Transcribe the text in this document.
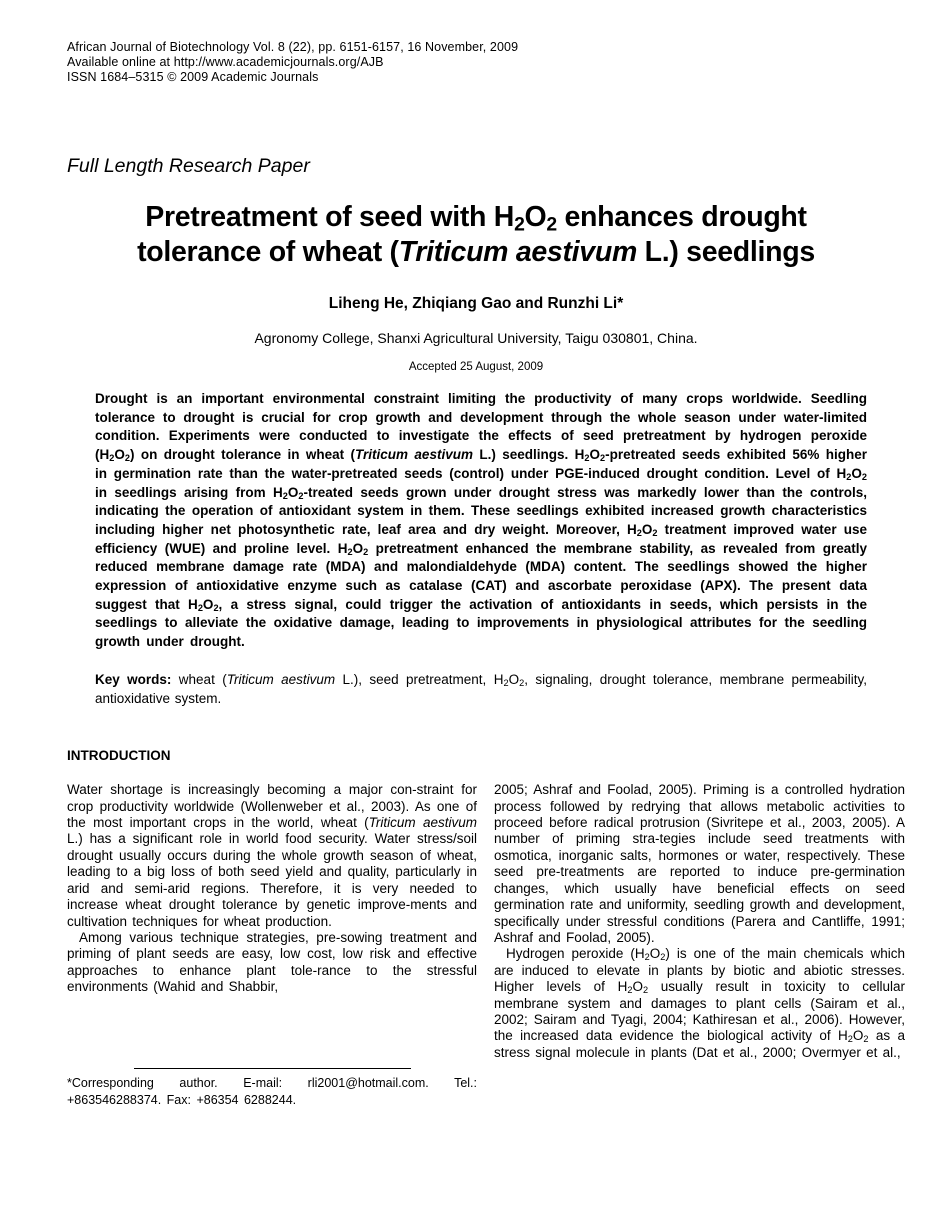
African Journal of Biotechnology Vol. 8 (22), pp. 6151-6157, 16 November, 2009
Available online at http://www.academicjournals.org/AJB
ISSN 1684–5315 © 2009 Academic Journals
Full Length Research Paper
Pretreatment of seed with $H_2O_2$ enhances drought
tolerance of wheat (Triticum aestivum L.) seedlings
Liheng He, Zhiqiang Gao and Runzhi Li*
Agronomy College, Shanxi Agricultural University, Taigu 030801, China.
Accepted 25 August, 2009
Drought is an important environmental constraint limiting the productivity of many crops worldwide. Seedling tolerance to drought is crucial for crop growth and development through the whole season under water-limited condition. Experiments were conducted to investigate the effects of seed pretreatment by hydrogen peroxide $(H_2O_2)$ on drought tolerance in wheat (Triticum aestivum L.) seedlings. $H_2O_2$-pretreated seeds exhibited 56% higher in germination rate than the water-pretreated seeds (control) under PGE-induced drought condition. Level of $H_2O_2$ in seedlings arising from $H_2O_2$-treated seeds grown under drought stress was markedly lower than the controls, indicating the operation of antioxidant system in them. These seedlings exhibited increased growth characteristics including higher net photosynthetic rate, leaf area and dry weight. Moreover, $H_2O_2$ treatment improved water use efficiency (WUE) and proline level. $H_2O_2$ pretreatment enhanced the membrane stability, as revealed from greatly reduced membrane damage rate (MDA) and malondialdehyde (MDA) content. The seedlings showed the higher expression of antioxidative enzyme such as catalase (CAT) and ascorbate peroxidase (APX). The present data suggest that $H_2O_2$, a stress signal, could trigger the activation of antioxidants in seeds, which persists in the seedlings to alleviate the oxidative damage, leading to improvements in physiological attributes for the seedling growth under drought.
Key words: wheat (Triticum aestivum L.), seed pretreatment, $H_2O_2$, signaling, drought tolerance, membrane permeability, antioxidative system.
INTRODUCTION

Water shortage is increasingly becoming a major con-straint for crop productivity worldwide (Wollenweber et al., 2003). As one of the most important crops in the world, wheat (Triticum aestivum L.) has a significant role in world food security. Water stress/soil drought usually occurs during the whole growth season of wheat, leading to a big loss of both seed yield and quality, particularly in arid and semi-arid regions. Therefore, it is very needed to increase wheat drought tolerance by genetic improve-ments and cultivation techniques for wheat production.

Among various technique strategies, pre-sowing treatment and priming of plant seeds are easy, low cost, low risk and effective approaches to enhance plant tole-rance to the stressful environments (Wahid and Shabbir,

*Corresponding author. E-mail: rli2001@hotmail.com. Tel.: +863546288374. Fax: +86354 6288244.

2005; Ashraf and Foolad, 2005). Priming is a controlled hydration process followed by redrying that allows metabolic activities to proceed before radical protrusion (Sivritepe et al., 2003, 2005). A number of priming stra-tegies include seed treatments with osmotica, inorganic salts, hormones or water, respectively. These seed pre-treatments are reported to induce pre-germination changes, which usually have beneficial effects on seed germination rate and uniformity, seedling growth and development, specifically under stressful conditions (Parera and Cantliffe, 1991; Ashraf and Foolad, 2005).

Hydrogen peroxide $(H_2O_2)$ is one of the main chemicals which are induced to elevate in plants by biotic and abiotic stresses. Higher levels of $H_2O_2$ usually result in toxicity to cellular membrane system and damages to plant cells (Sairam et al., 2002; Sairam and Tyagi, 2004; Kathiresan et al., 2006). However, the increased data evidence the biological activity of $H_2O_2$ as a stress signal molecule in plants (Dat et al., 2000; Overmyer et al.,
